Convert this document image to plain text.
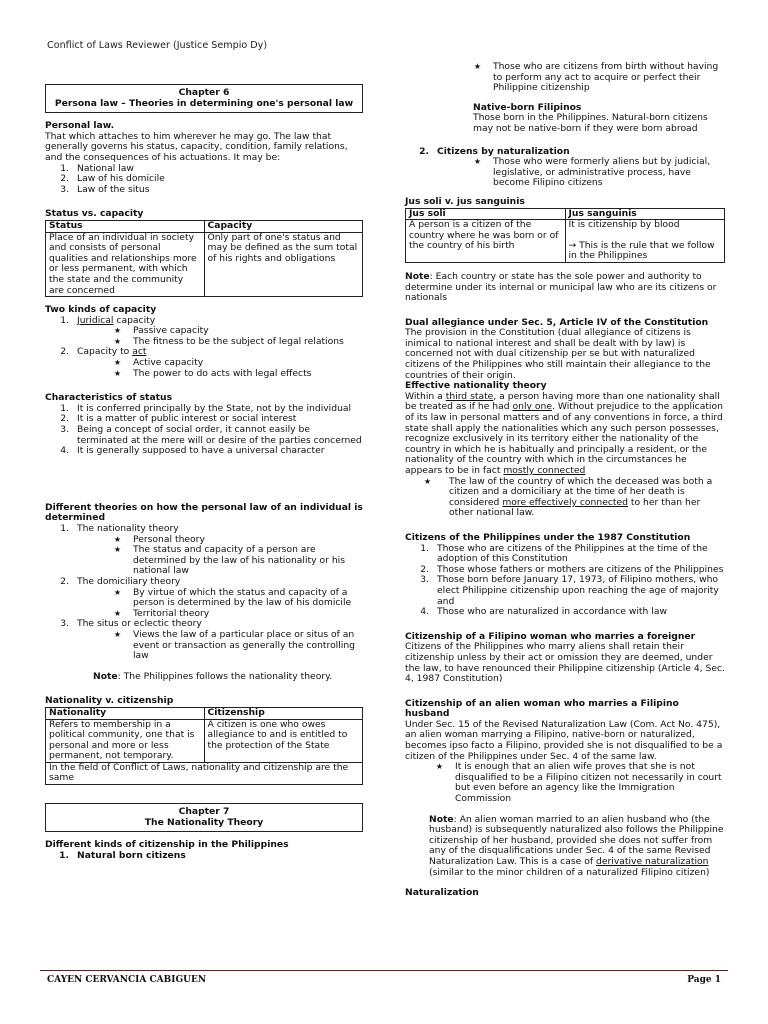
Conflict of Laws Reviewer (Justice Sempio Dy)
Chapter 6
Persona law – Theories in determining one's personal law
Personal law.

That which attaches to him wherever he may go. The law that generally governs his status, capacity, condition, family relations, and the consequences of his actuations. It may be:

1. National law
2. Law of his domicile
3. Law of the situs
Status vs. capacity
Status	Capacity
Place of an individual in society and consists of personal qualities and relationships more or less permanent, with which the state and the community are concerned	Only part of one's status and may be defined as the sum total of his rights and obligations
Two kinds of capacity
1. Juridical capacity
★	Passive capacity
★	The fitness to be the subject of legal relations
2. Capacity to act
★	Active capacity
★	The power to do acts with legal effects
Characteristics of status
1. It is conferred principally by the State, not by the individual
2. It is a matter of public interest or social interest
3. Being a concept of social order, it cannot easily be terminated at the mere will or desire of the parties concerned
4. It is generally supposed to have a universal character
Different theories on how the personal law of an individual is determined
1. The nationality theory
★	Personal theory
★	The status and capacity of a person are determined by the law of his nationality or his national law
2. The domiciliary theory
★	By virtue of which the status and capacity of a person is determined by the law of his domicile
★	Territorial theory
3. The situs or eclectic theory
★	Views the law of a particular place or situs of an event or transaction as generally the controlling law

Note: The Philippines follows the nationality theory.

Nationality v. citizenship
Nationality	Citizenship
Refers to membership in a political community, one that is personal and more or less permanent, not temporary.	A citizen is one who owes allegiance to and is entitled to the protection of the State
In the field of Conflict of Laws, nationality and citizenship are the same	
Chapter 7
The Nationality Theory
Different kinds of citizenship in the Philippines
1. Natural born citizens
★	Those who are citizens from birth without having to perform any act to acquire or perfect their Philippine citizenship
Native-born Filipinos

Those born in the Philippines. Natural-born citizens may not be native-born if they were born abroad

2. Citizens by naturalization
★	Those who were formerly aliens but by judicial, legislative, or administrative process, have become Filipino citizens
Jus soli v. jus sanguinis
Jus soli	Jus sanguinis
A person is a citizen of the country where he was born or of the country of his birth	It is citizenship by blood
→ This is the rule that we follow in the Philippines

Note: Each country or state has the sole power and authority to determine under its internal or municipal law who are its citizens or nationals

Dual allegiance under Sec. 5, Article IV of the Constitution

The provision in the Constitution (dual allegiance of citizens is inimical to national interest and shall be dealt with by law) is concerned not with dual citizenship per se but with naturalized citizens of the Philippines who still maintain their allegiance to the countries of their origin.

Effective nationality theory

Within a third state, a person having more than one nationality shall be treated as if he had only one. Without prejudice to the application of its law in personal matters and of any conventions in force, a third state shall apply the nationalities which any such person possesses, recognize exclusively in its territory either the nationality of the country in which he is habitually and principally a resident, or the nationality of the country with which in the circumstances he appears to be in fact mostly connected

★	The law of the country of which the deceased was both a citizen and a domiciliary at the time of her death is considered more effectively connected to her than her other national law.
Citizens of the Philippines under the 1987 Constitution
1. Those who are citizens of the Philippines at the time of the adoption of this Constitution
2. Those whose fathers or mothers are citizens of the Philippines
3. Those born before January 17, 1973, of Filipino mothers, who elect Philippine citizenship upon reaching the age of majority and
4. Those who are naturalized in accordance with law
Citizenship of a Filipino woman who marries a foreigner

Citizens of the Philippines who marry aliens shall retain their citizenship unless by their act or omission they are deemed, under the law, to have renounced their Philippine citizenship (Article 4, Sec. 4, 1987 Constitution)

Citizenship of an alien woman who marries a Filipino husband

Under Sec. 15 of the Revised Naturalization Law (Com. Act No. 475), an alien woman marrying a Filipino, native-born or naturalized, becomes ipso facto a Filipino, provided she is not disqualified to be a citizen of the Philippines under Sec. 4 of the same law.

★	It is enough that an alien wife proves that she is not disqualified to be a Filipino citizen not necessarily in court but even before an agency like the Immigration Commission

Note: An alien woman married to an alien husband who (the husband) is subsequently naturalized also follows the Philippine citizenship of her husband, provided she does not suffer from any of the disqualifications under Sec. 4 of the same Revised Naturalization Law. This is a case of derivative naturalization (similar to the minor children of a naturalized Filipino citizen)

Naturalization
CAYEN CERVANCIA CABIGUEN	Page 1
